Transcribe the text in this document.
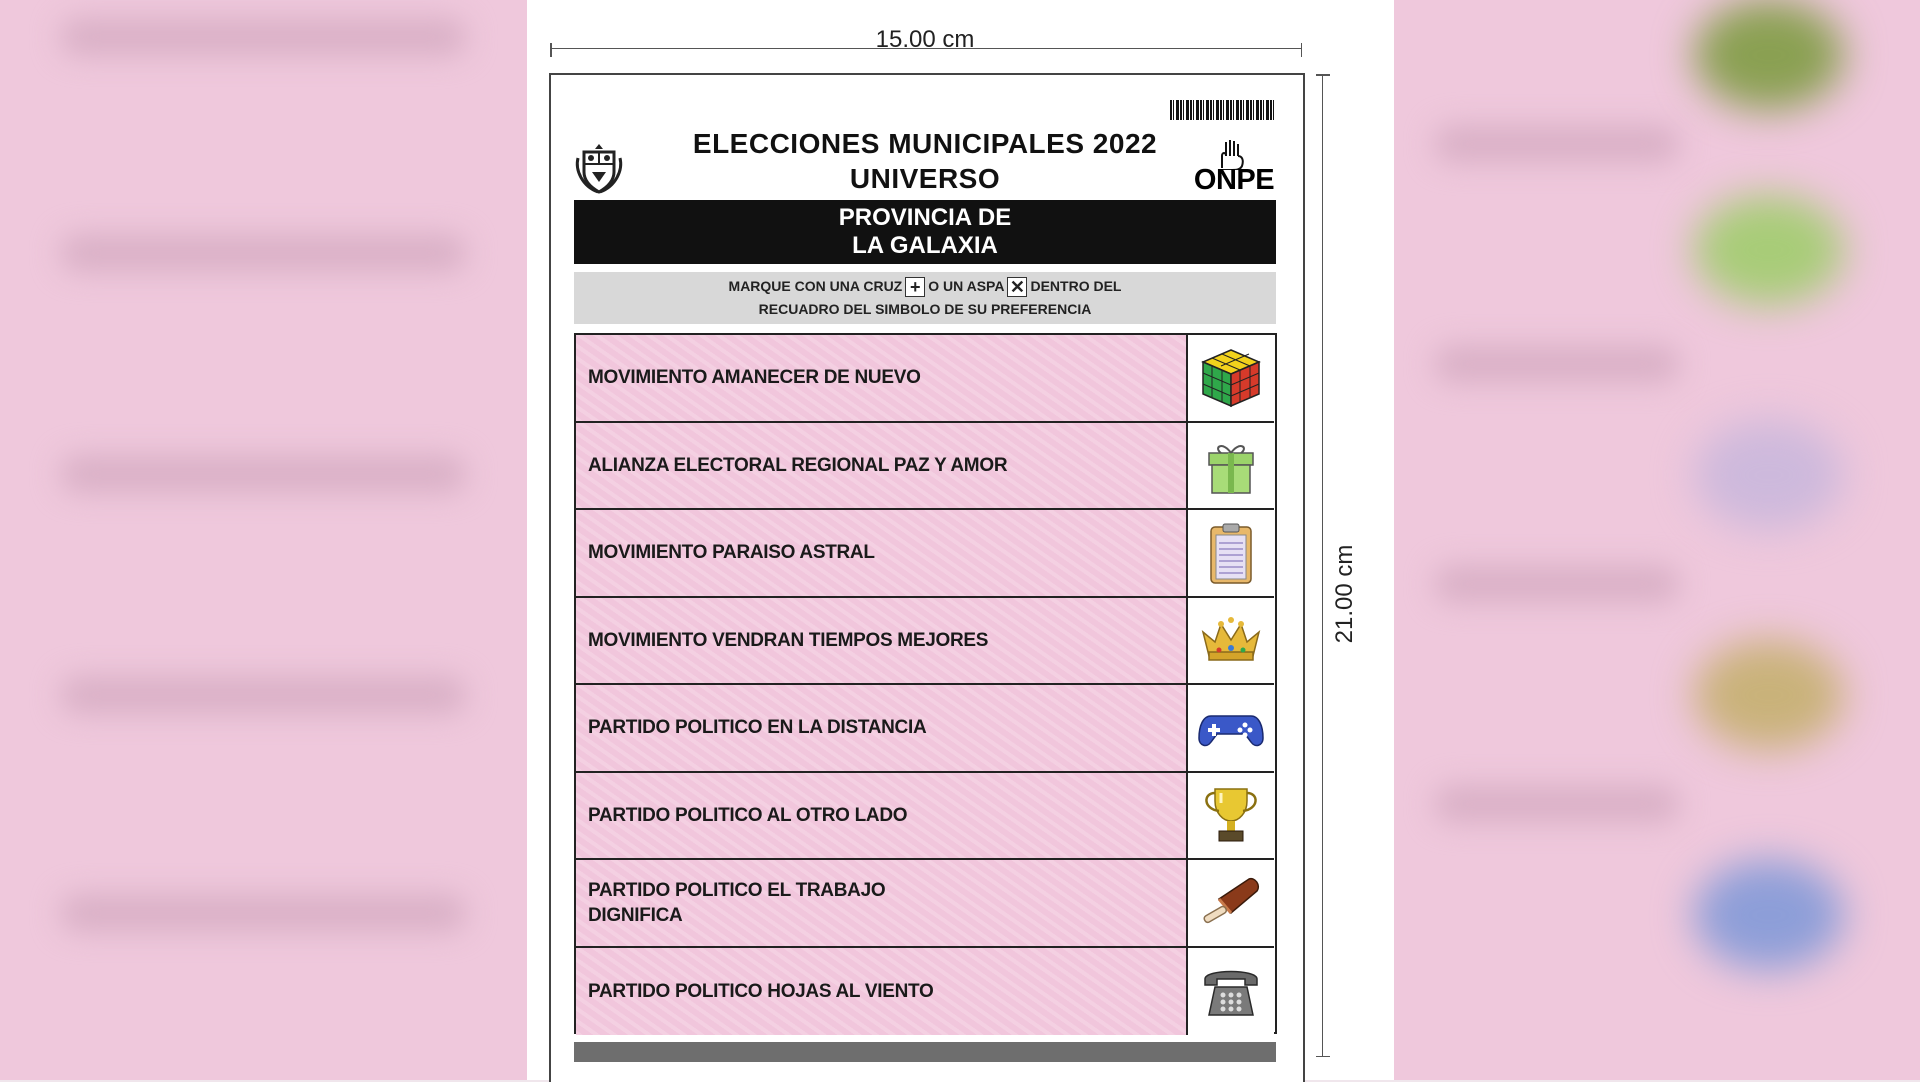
15.00 cm
21.00 cm
ELECCIONES MUNICIPALES 2022
UNIVERSO	ONPE
PROVINCIA DE
LA GALAXIA
MARQUE CON UNA CRUZ + O UN ASPA ✕ DENTRO DEL
RECUADRO DEL SIMBOLO DE SU PREFERENCIA
MOVIMIENTO AMANECER DE NUEVO
ALIANZA ELECTORAL REGIONAL PAZ Y AMOR
MOVIMIENTO PARAISO ASTRAL
MOVIMIENTO VENDRAN TIEMPOS MEJORES
PARTIDO POLITICO EN LA DISTANCIA
PARTIDO POLITICO AL OTRO LADO
PARTIDO POLITICO EL TRABAJO DIGNIFICA
PARTIDO POLITICO HOJAS AL VIENTO
